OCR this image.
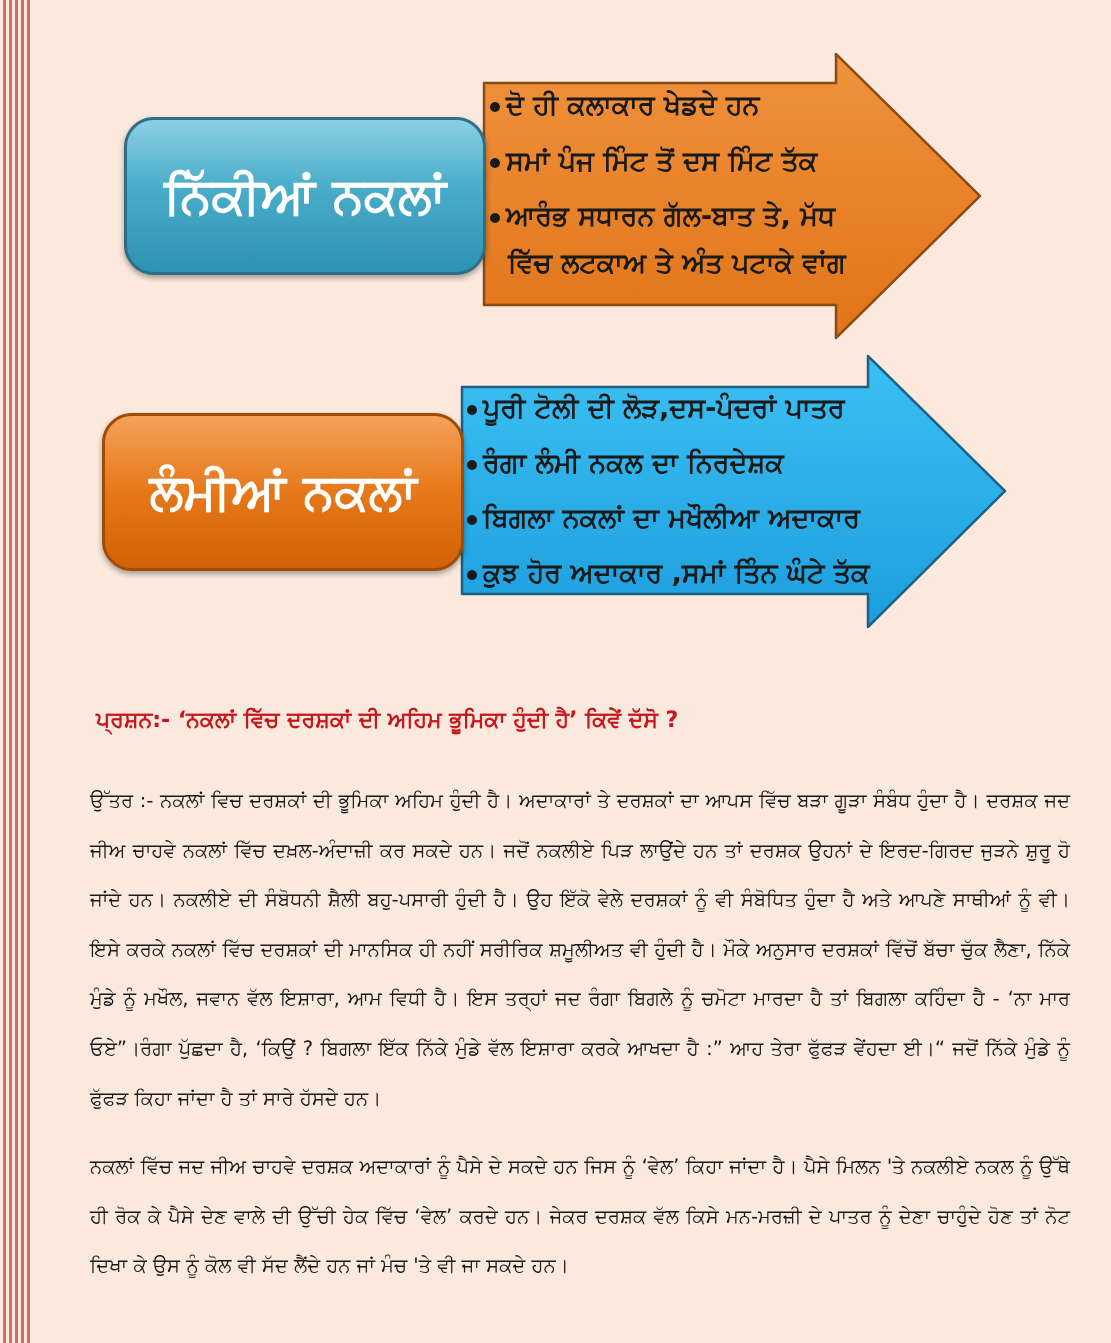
ਦੋ ਹੀ ਕਲਾਕਾਰ ਖੇਡਦੇ ਹਨ
ਸਮਾਂ ਪੰਜ ਮਿੰਟ ਤੋਂ ਦਸ ਮਿੰਟ ਤੱਕ
ਆਰੰਭ ਸਧਾਰਨ ਗੱਲ-ਬਾਤ ਤੇ, ਮੱਧ
ਵਿੱਚ ਲਟਕਾਅ ਤੇ ਅੰਤ ਪਟਾਕੇ ਵਾਂਗ
ਨਿੱਕੀਆਂ ਨਕਲਾਂ
ਪੂਰੀ ਟੋਲੀ ਦੀ ਲੋੜ,ਦਸ-ਪੰਦਰਾਂ ਪਾਤਰ
ਰੰਗਾ ਲੰਮੀ ਨਕਲ ਦਾ ਨਿਰਦੇਸ਼ਕ
ਬਿਗਲਾ ਨਕਲਾਂ ਦਾ ਮਖੌਲੀਆ ਅਦਾਕਾਰ
ਕੁਝ ਹੋਰ ਅਦਾਕਾਰ ,ਸਮਾਂ ਤਿੰਨ ਘੰਟੇ ਤੱਕ
ਲੰਮੀਆਂ ਨਕਲਾਂ
ਪ੍ਰਸ਼ਨ:- ‘ਨਕਲਾਂ ਵਿੱਚ ਦਰਸ਼ਕਾਂ ਦੀ ਅਹਿਮ ਭੂਮਿਕਾ ਹੁੰਦੀ ਹੈ’ ਕਿਵੇਂ ਦੱਸੋ ?
ਉੱਤਰ :- ਨਕਲਾਂ ਵਿਚ ਦਰਸ਼ਕਾਂ ਦੀ ਭੂਮਿਕਾ ਅਹਿਮ ਹੁੰਦੀ ਹੈ। ਅਦਾਕਾਰਾਂ ਤੇ ਦਰਸ਼ਕਾਂ ਦਾ ਆਪਸ ਵਿੱਚ ਬੜਾ ਗੂੜਾ ਸੰਬੰਧ ਹੁੰਦਾ ਹੈ। ਦਰਸ਼ਕ ਜਦ ਜੀਅ ਚਾਹਵੇ ਨਕਲਾਂ ਵਿੱਚ ਦਖ਼ਲ-ਅੰਦਾਜ਼ੀ ਕਰ ਸਕਦੇ ਹਨ। ਜਦੋਂ ਨਕਲੀਏ ਪਿੜ ਲਾਉਂਦੇ ਹਨ ਤਾਂ ਦਰਸ਼ਕ ਉਹਨਾਂ ਦੇ ਇਰਦ-ਗਿਰਦ ਜੁੜਨੇ ਸ਼ੁਰੂ ਹੋ ਜਾਂਦੇ ਹਨ। ਨਕਲੀਏ ਦੀ ਸੰਬੋਧਨੀ ਸ਼ੈਲੀ ਬਹੁ-ਪਸਾਰੀ ਹੁੰਦੀ ਹੈ। ਉਹ ਇੱਕੋ ਵੇਲੇ ਦਰਸ਼ਕਾਂ ਨੂੰ ਵੀ ਸੰਬੋਧਿਤ ਹੁੰਦਾ ਹੈ ਅਤੇ ਆਪਣੇ ਸਾਥੀਆਂ ਨੂੰ ਵੀ। ਇਸੇ ਕਰਕੇ ਨਕਲਾਂ ਵਿੱਚ ਦਰਸ਼ਕਾਂ ਦੀ ਮਾਨਸਿਕ ਹੀ ਨਹੀਂ ਸਰੀਰਿਕ ਸ਼ਮੂਲੀਅਤ ਵੀ ਹੁੰਦੀ ਹੈ। ਮੌਕੇ ਅਨੁਸਾਰ ਦਰਸ਼ਕਾਂ ਵਿੱਚੋਂ ਬੱਚਾ ਚੁੱਕ ਲੈਣਾ, ਨਿੱਕੇ ਮੁੰਡੇ ਨੂੰ ਮਖੌਲ, ਜਵਾਨ ਵੱਲ ਇਸ਼ਾਰਾ, ਆਮ ਵਿਧੀ ਹੈ। ਇਸ ਤਰ੍ਹਾਂ ਜਦ ਰੰਗਾ ਬਿਗਲੇ ਨੂੰ ਚਮੋਟਾ ਮਾਰਦਾ ਹੈ ਤਾਂ ਬਿਗਲਾ ਕਹਿੰਦਾ ਹੈ - ‘ਨਾ ਮਾਰ ਓਏ”।ਰੰਗਾ ਪੁੱਛਦਾ ਹੈ, ‘ਕਿਉਂ ? ਬਿਗਲਾ ਇੱਕ ਨਿੱਕੇ ਮੁੰਡੇ ਵੱਲ ਇਸ਼ਾਰਾ ਕਰਕੇ ਆਖਦਾ ਹੈ :” ਆਹ ਤੇਰਾ ਫੁੱਫੜ ਵੇਂਹਦਾ ਈ।“ ਜਦੋਂ ਨਿੱਕੇ ਮੁੰਡੇ ਨੂੰ ਫੁੱਫੜ ਕਿਹਾ ਜਾਂਦਾ ਹੈ ਤਾਂ ਸਾਰੇ ਹੱਸਦੇ ਹਨ।
ਨਕਲਾਂ ਵਿੱਚ ਜਦ ਜੀਅ ਚਾਹਵੇ ਦਰਸ਼ਕ ਅਦਾਕਾਰਾਂ ਨੂੰ ਪੈਸੇ ਦੇ ਸਕਦੇ ਹਨ ਜਿਸ ਨੂੰ ‘ਵੇਲ’ ਕਿਹਾ ਜਾਂਦਾ ਹੈ। ਪੈਸੇ ਮਿਲਨ 'ਤੇ ਨਕਲੀਏ ਨਕਲ ਨੂੰ ਉੱਥੇ ਹੀ ਰੋਕ ਕੇ ਪੈਸੇ ਦੇਣ ਵਾਲੇ ਦੀ ਉੱਚੀ ਹੇਕ ਵਿੱਚ ‘ਵੇਲ’ ਕਰਦੇ ਹਨ। ਜੇਕਰ ਦਰਸ਼ਕ ਵੱਲ ਕਿਸੇ ਮਨ-ਮਰਜ਼ੀ ਦੇ ਪਾਤਰ ਨੂੰ ਦੇਣਾ ਚਾਹੁੰਦੇ ਹੋਣ ਤਾਂ ਨੋਟ ਦਿਖਾ ਕੇ ਉਸ ਨੂੰ ਕੋਲ ਵੀ ਸੱਦ ਲੈਂਦੇ ਹਨ ਜਾਂ ਮੰਚ 'ਤੇ ਵੀ ਜਾ ਸਕਦੇ ਹਨ।
